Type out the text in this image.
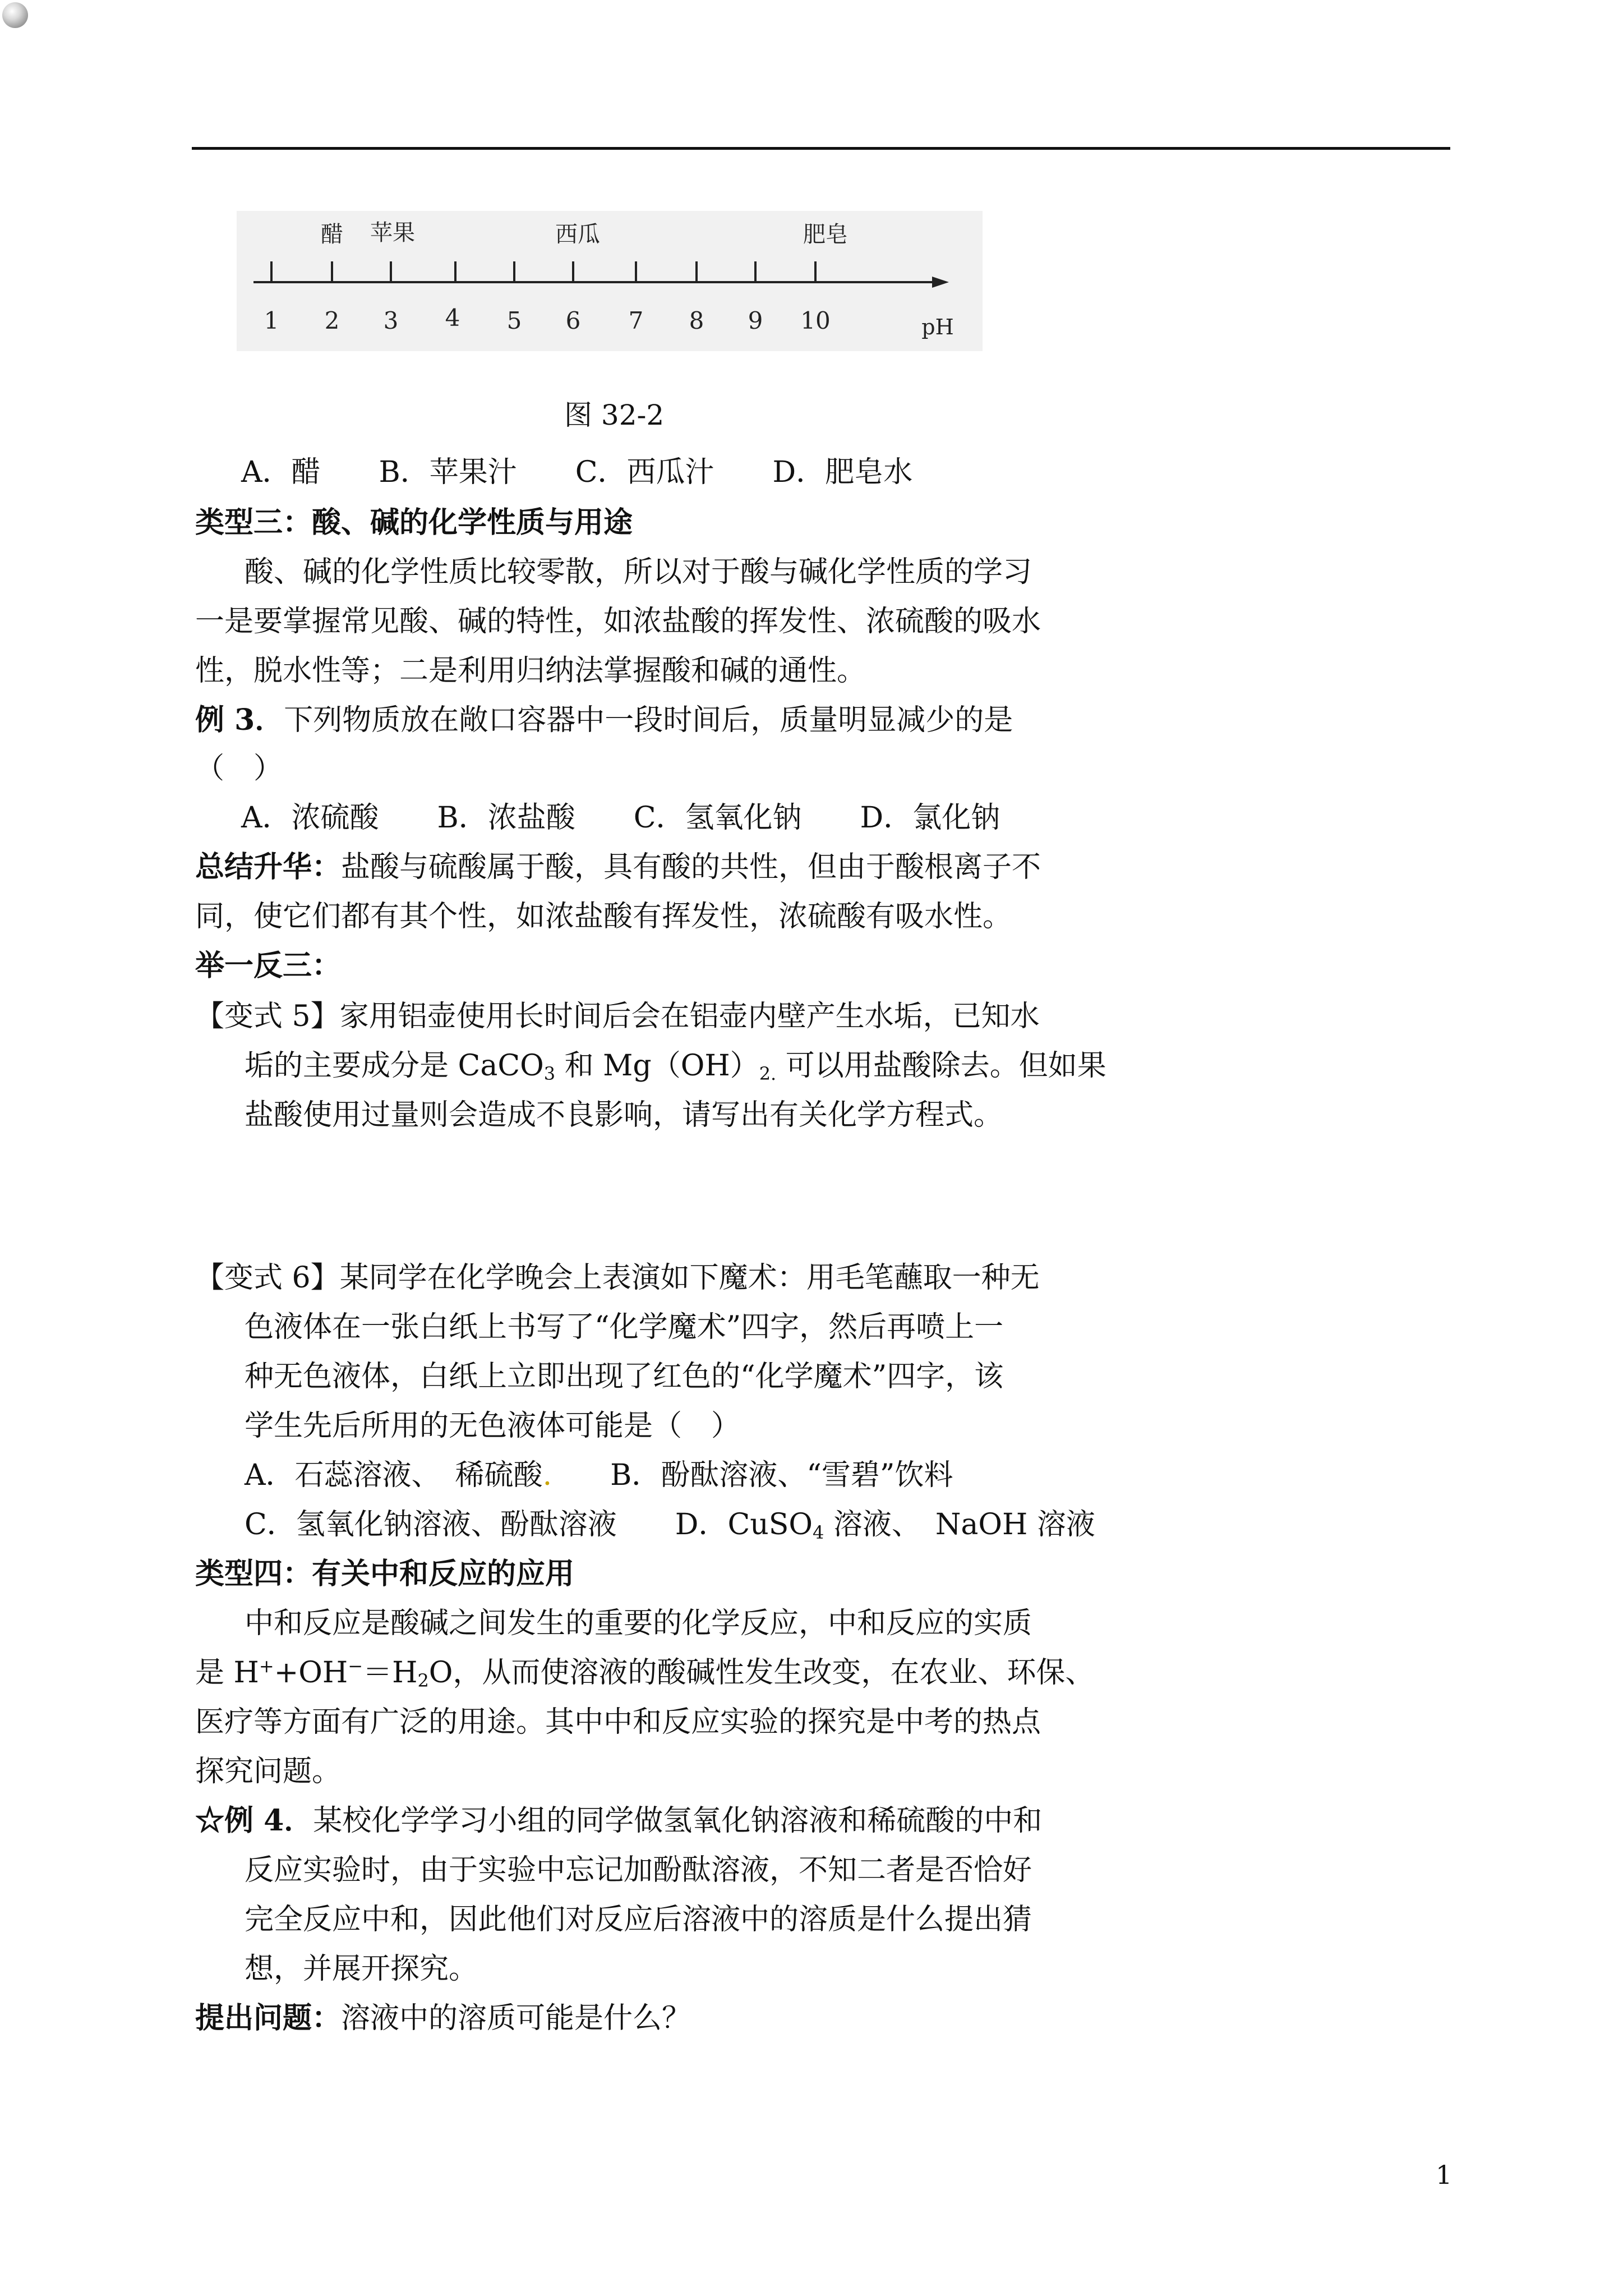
醋 苹果	西瓜	肥皂
1 2 3 4 5 6 7 8 9 10	pH
图 32-2
A．醋　　B．苹果汁　　C．西瓜汁　　D．肥皂水
类型三：酸、碱的化学性质与用途
酸、碱的化学性质比较零散，所以对于酸与碱化学性质的学习
一是要掌握常见酸、碱的特性，如浓盐酸的挥发性、浓硫酸的吸水
性，脱水性等；二是利用归纳法掌握酸和碱的通性。
例 3．下列物质放在敞口容器中一段时间后，质量明显减少的是
（　）
A．浓硫酸　　B．浓盐酸　　C．氢氧化钠　　D．氯化钠
总结升华：盐酸与硫酸属于酸，具有酸的共性，但由于酸根离子不
同，使它们都有其个性，如浓盐酸有挥发性，浓硫酸有吸水性。
举一反三：
【变式 5】家用铝壶使用长时间后会在铝壶内壁产生水垢，已知水
垢的主要成分是 CaCO$_3$ 和 $Mg(OH)_{2.}$ 可以用盐酸除去。但如果
盐酸使用过量则会造成不良影响，请写出有关化学方程式。
【变式 6】某同学在化学晚会上表演如下魔术：用毛笔蘸取一种无
色液体在一张白纸上书写了“化学魔术”四字，然后再喷上一
种无色液体，白纸上立即出现了红色的“化学魔术”四字，该
学生先后所用的无色液体可能是（　）
A．石蕊溶液、　稀硫酸.　　B．酚酞溶液、“雪碧”饮料
C．氢氧化钠溶液、酚酞溶液　　D．CuSO$_4$ 溶液、　NaOH 溶液
类型四：有关中和反应的应用
中和反应是酸碱之间发生的重要的化学反应，中和反应的实质
是 $H^++OH^-=H_2O$，从而使溶液的酸碱性发生改变，在农业、环保、
医疗等方面有广泛的用途。其中中和反应实验的探究是中考的热点
探究问题。
☆例 4．某校化学学习小组的同学做氢氧化钠溶液和稀硫酸的中和
反应实验时，由于实验中忘记加酚酞溶液，不知二者是否恰好
完全反应中和，因此他们对反应后溶液中的溶质是什么提出猜
想，并展开探究。
提出问题：溶液中的溶质可能是什么？
1
